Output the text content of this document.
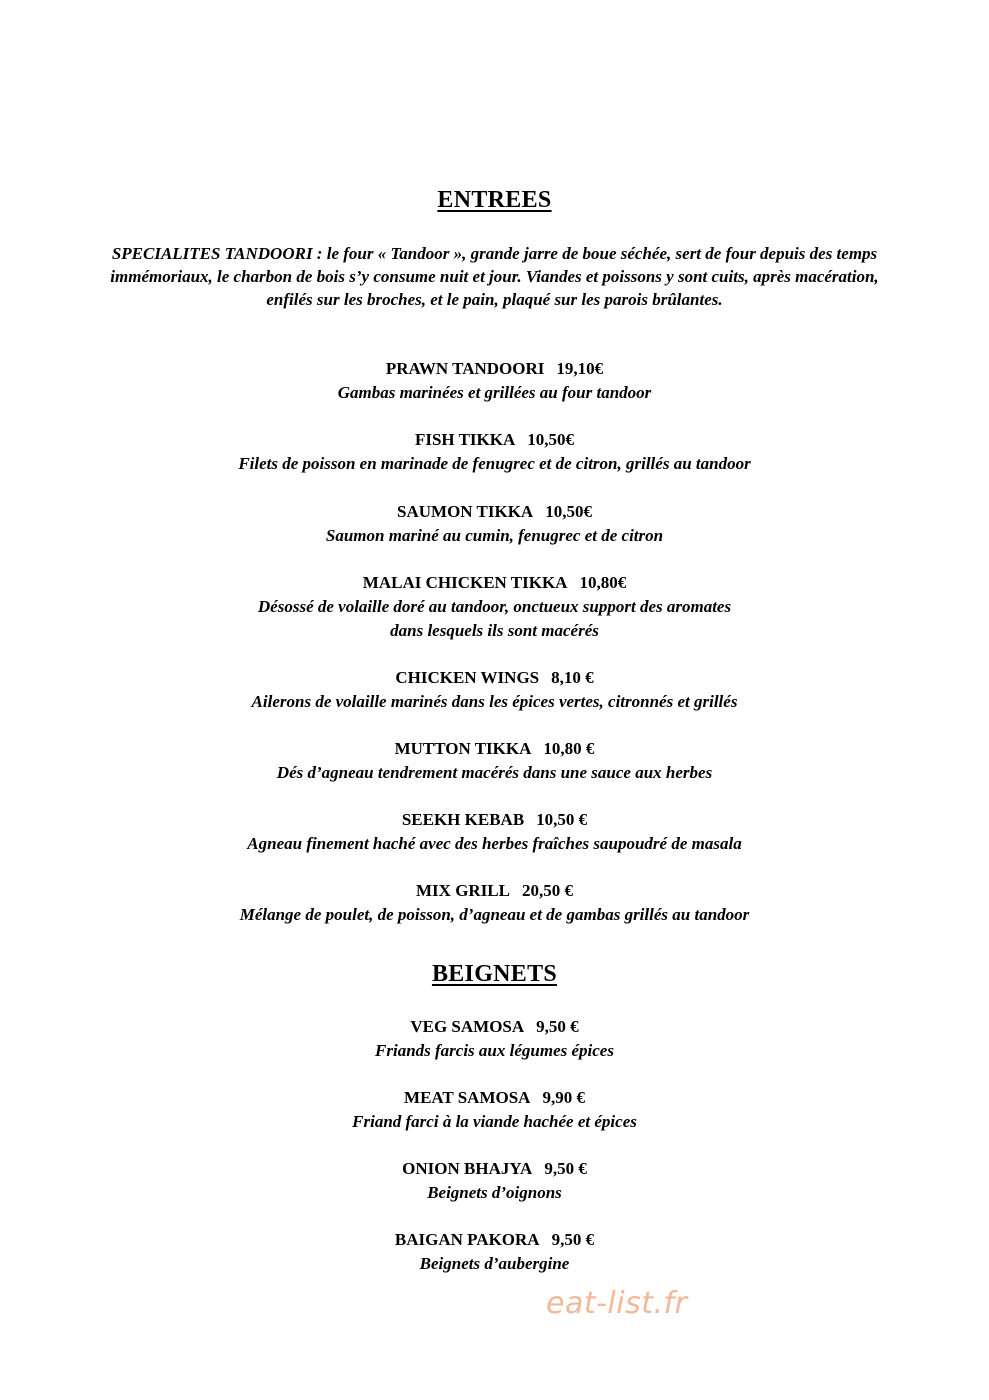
ENTREES
SPECIALITES TANDOORI : le four « Tandoor », grande jarre de boue séchée, sert de four depuis des temps immémoriaux, le charbon de bois s’y consume nuit et jour. Viandes et poissons y sont cuits, après macération, enfilés sur les broches, et le pain, plaqué sur les parois brûlantes.
PRAWN TANDOORI 19,10€
Gambas marinées et grillées au four tandoor
FISH TIKKA 10,50€
Filets de poisson en marinade de fenugrec et de citron, grillés au tandoor
SAUMON TIKKA 10,50€
Saumon mariné au cumin, fenugrec et de citron
MALAI CHICKEN TIKKA 10,80€
Désossé de volaille doré au tandoor, onctueux support des aromates
dans lesquels ils sont macérés
CHICKEN WINGS 8,10 €
Ailerons de volaille marinés dans les épices vertes, citronnés et grillés
MUTTON TIKKA 10,80 €
Dés d’agneau tendrement macérés dans une sauce aux herbes
SEEKH KEBAB 10,50 €
Agneau finement haché avec des herbes fraîches saupoudré de masala
MIX GRILL 20,50 €
Mélange de poulet, de poisson, d’agneau et de gambas grillés au tandoor
BEIGNETS
VEG SAMOSA 9,50 €
Friands farcis aux légumes épices
MEAT SAMOSA 9,90 €
Friand farci à la viande hachée et épices
ONION BHAJYA 9,50 €
Beignets d’oignons
BAIGAN PAKORA 9,50 €
Beignets d’aubergine
eat-list.fr
